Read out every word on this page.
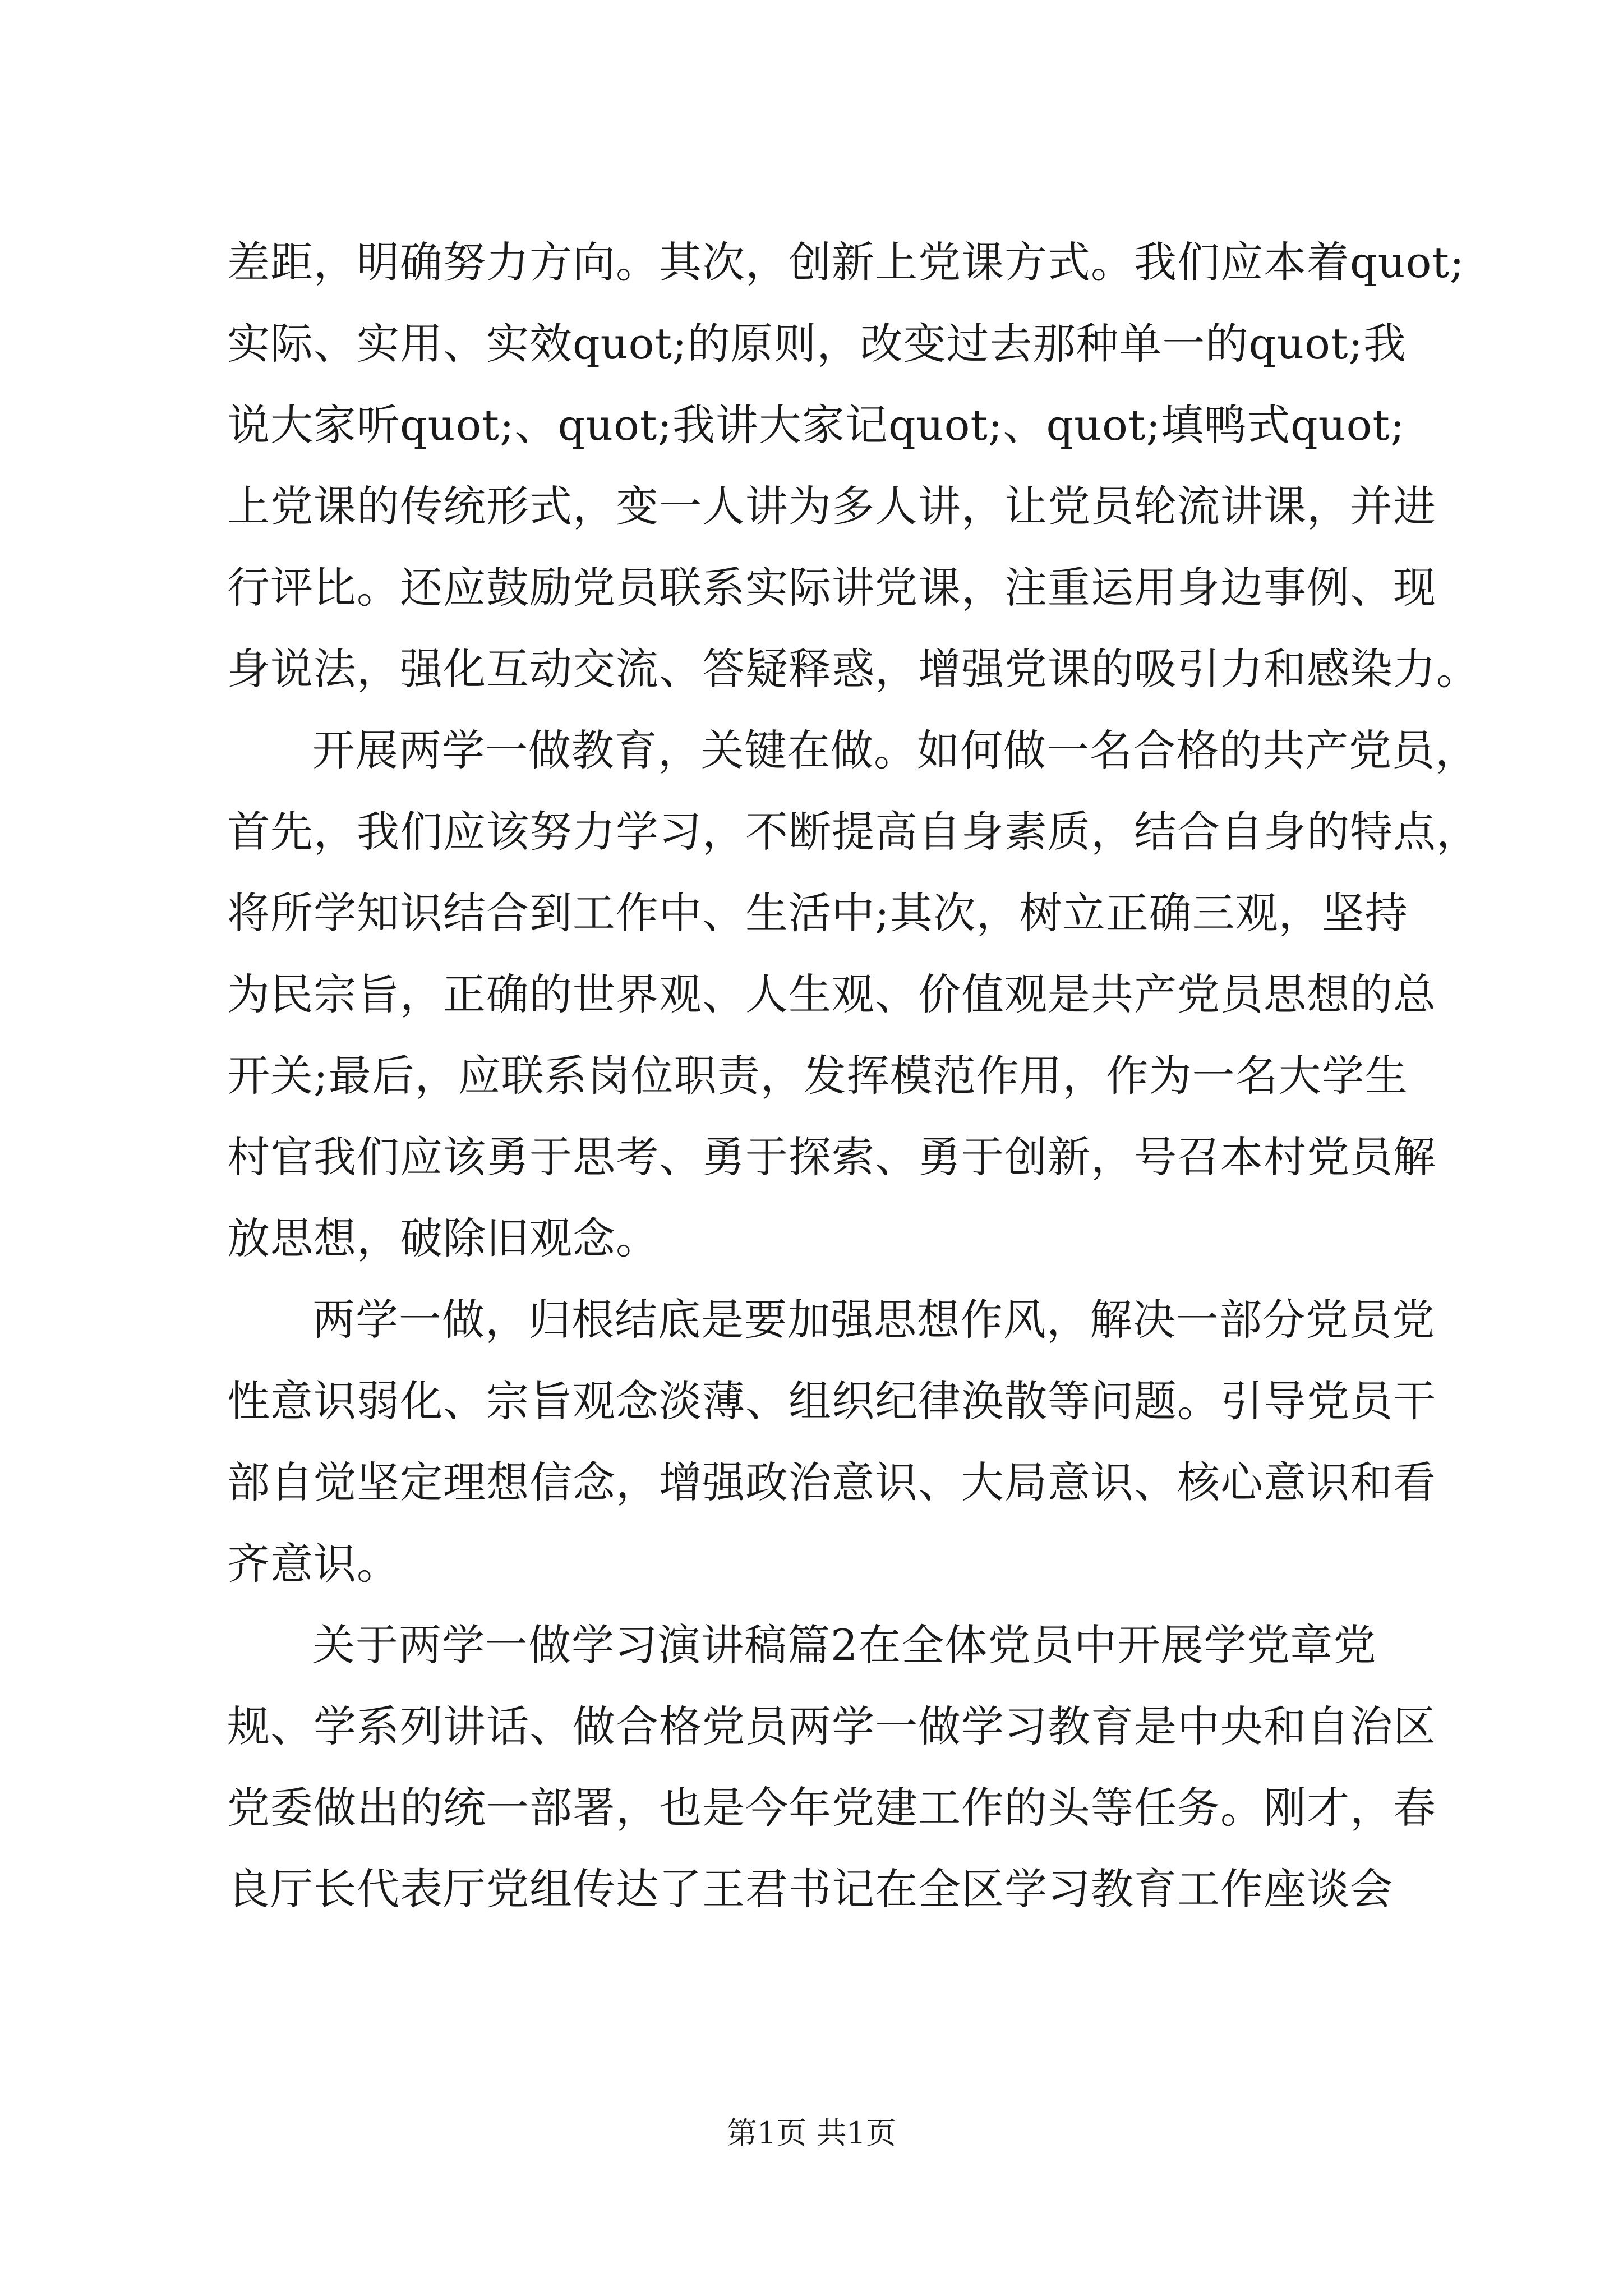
差距，明确努力方向。其次，创新上党课方式。我们应本着quot;
实际、实用、实效quot;的原则，改变过去那种单一的quot;我
说大家听quot;、quot;我讲大家记quot;、quot;填鸭式quot;
上党课的传统形式，变一人讲为多人讲，让党员轮流讲课，并进
行评比。还应鼓励党员联系实际讲党课，注重运用身边事例、现
身说法，强化互动交流、答疑释惑，增强党课的吸引力和感染力。
开展两学一做教育，关键在做。如何做一名合格的共产党员，
首先，我们应该努力学习，不断提高自身素质，结合自身的特点，
将所学知识结合到工作中、生活中;其次，树立正确三观，坚持
为民宗旨，正确的世界观、人生观、价值观是共产党员思想的总
开关;最后，应联系岗位职责，发挥模范作用，作为一名大学生
村官我们应该勇于思考、勇于探索、勇于创新，号召本村党员解
放思想，破除旧观念。
两学一做，归根结底是要加强思想作风，解决一部分党员党
性意识弱化、宗旨观念淡薄、组织纪律涣散等问题。引导党员干
部自觉坚定理想信念，增强政治意识、大局意识、核心意识和看
齐意识。
关于两学一做学习演讲稿篇2在全体党员中开展学党章党
规、学系列讲话、做合格党员两学一做学习教育是中央和自治区
党委做出的统一部署，也是今年党建工作的头等任务。刚才，春
良厅长代表厅党组传达了王君书记在全区学习教育工作座谈会
第1页 共1页
